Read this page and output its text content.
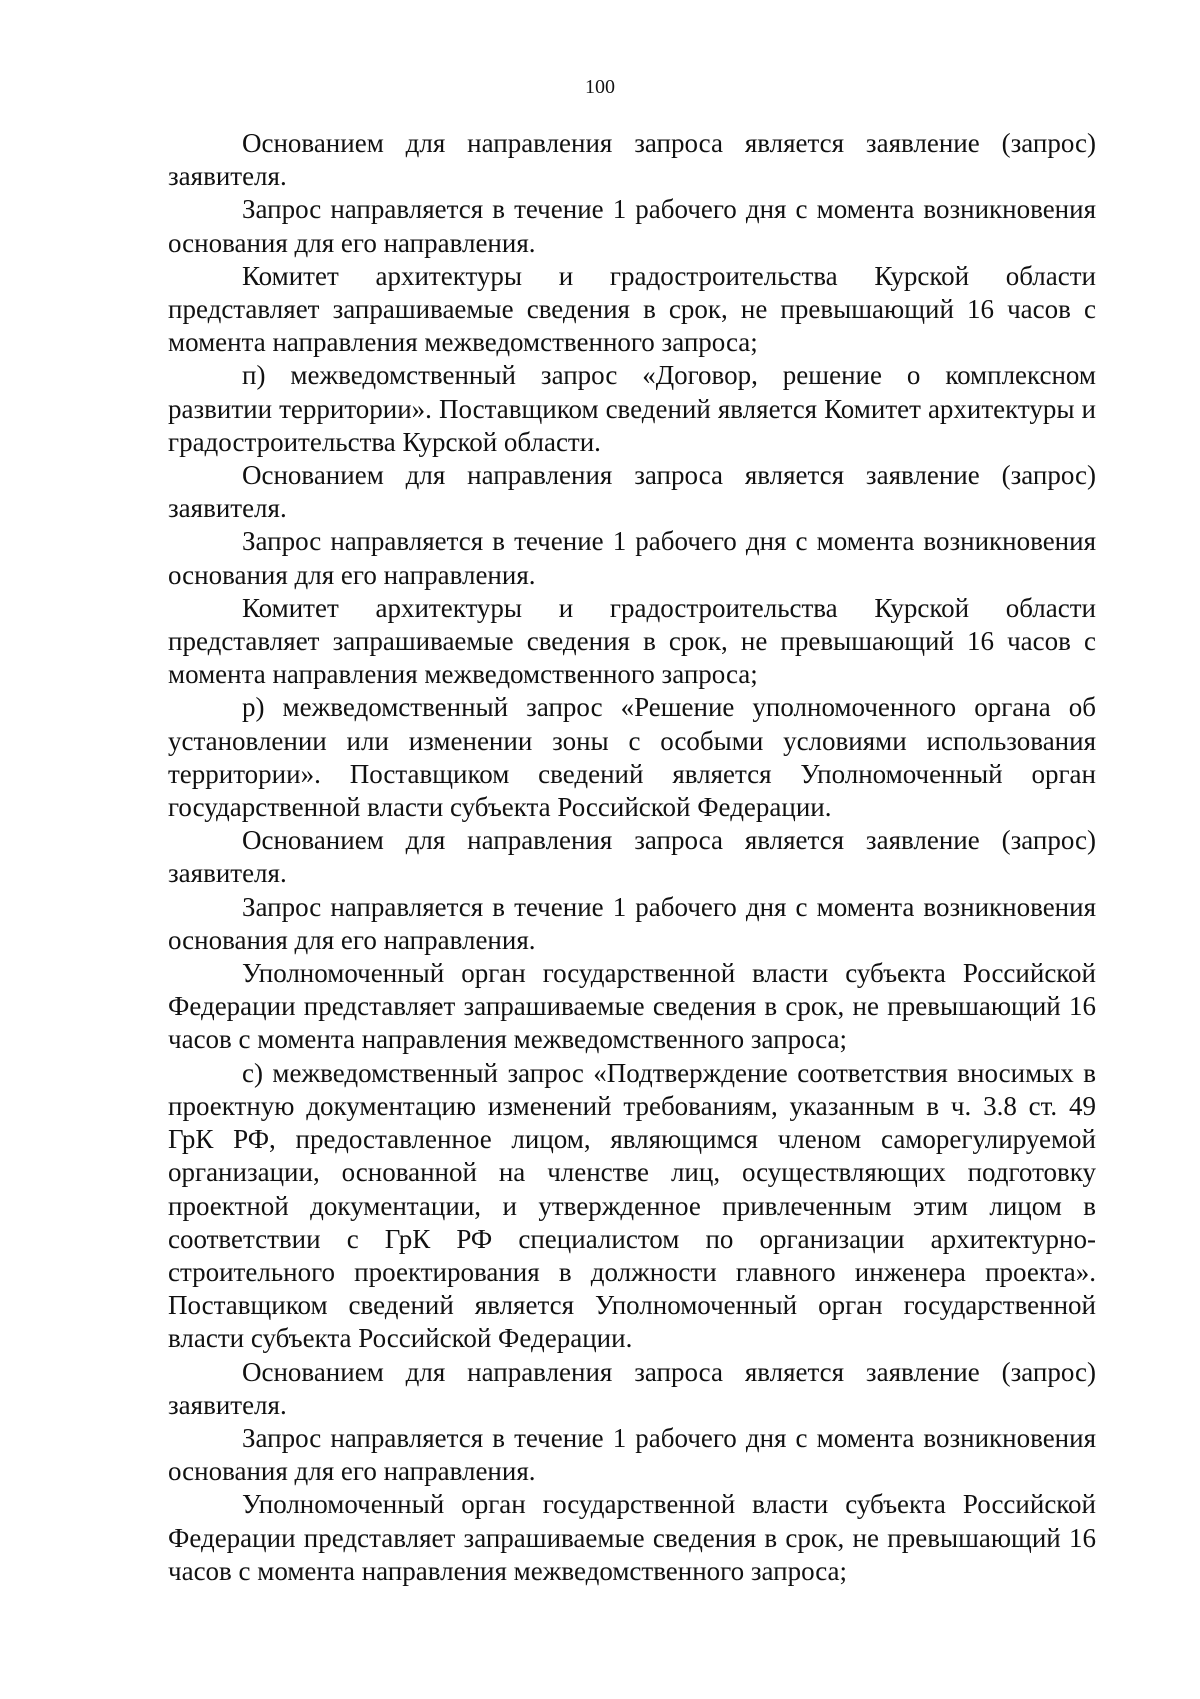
100

Основанием для направления запроса является заявление (запрос) заявителя.

Запрос направляется в течение 1 рабочего дня с момента возникновения основания для его направления.

Комитет архитектуры и градостроительства Курской области представляет запрашиваемые сведения в срок, не превышающий 16 часов с момента направления межведомственного запроса;

п) межведомственный запрос «Договор, решение о комплексном развитии территории». Поставщиком сведений является Комитет архитектуры и градостроительства Курской области.

Основанием для направления запроса является заявление (запрос) заявителя.

Запрос направляется в течение 1 рабочего дня с момента возникновения основания для его направления.

Комитет архитектуры и градостроительства Курской области представляет запрашиваемые сведения в срок, не превышающий 16 часов с момента направления межведомственного запроса;

р) межведомственный запрос «Решение уполномоченного органа об установлении или изменении зоны с особыми условиями использования территории». Поставщиком сведений является Уполномоченный орган государственной власти субъекта Российской Федерации.

Основанием для направления запроса является заявление (запрос) заявителя.

Запрос направляется в течение 1 рабочего дня с момента возникновения основания для его направления.

Уполномоченный орган государственной власти субъекта Российской Федерации представляет запрашиваемые сведения в срок, не превышающий 16 часов с момента направления межведомственного запроса;

с) межведомственный запрос «Подтверждение соответствия вносимых в проектную документацию изменений требованиям, указанным в ч. 3.8 ст. 49 ГрК РФ, предоставленное лицом, являющимся членом саморегулируемой организации, основанной на членстве лиц, осуществляющих подготовку проектной документации, и утвержденное привлеченным этим лицом в соответствии с ГрК РФ специалистом по организации архитектурно-строительного проектирования в должности главного инженера проекта». Поставщиком сведений является Уполномоченный орган государственной власти субъекта Российской Федерации.

Основанием для направления запроса является заявление (запрос) заявителя.

Запрос направляется в течение 1 рабочего дня с момента возникновения основания для его направления.

Уполномоченный орган государственной власти субъекта Российской Федерации представляет запрашиваемые сведения в срок, не превышающий 16 часов с момента направления межведомственного запроса;
